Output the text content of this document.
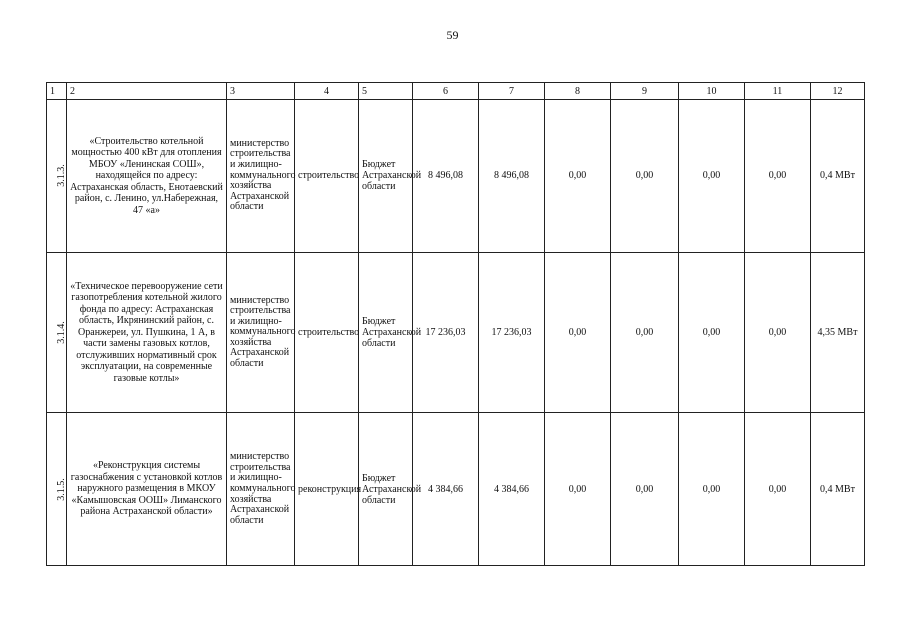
59
1	2	3	4	5	6	7	8	9	10	11	12
3.1.3.	«Строительство котельной мощностью 400 кВт для отопления МБОУ «Ленинская СОШ», находящейся по адресу: Астраханская область, Енотаевский район, с. Ленино, ул.Набережная, 47 «а»	министерство строительства и жилищно-коммунального хозяйства Астраханской области	строительство	Бюджет Астраханской области	8 496,08	8 496,08	0,00	0,00	0,00	0,00	0,4 МВт
3.1.4.	«Техническое перевооружение сети газопотребления котельной жилого фонда по адресу: Астраханская область, Икрянинский район, с. Оранжереи, ул. Пушкина, 1 А, в части замены газовых котлов, отслуживших нормативный срок эксплуатации, на современные газовые котлы»	министерство строительства и жилищно-коммунального хозяйства Астраханской области	строительство	Бюджет Астраханской области	17 236,03	17 236,03	0,00	0,00	0,00	0,00	4,35 МВт
3.1.5.	«Реконструкция системы газоснабжения с установкой котлов наружного размещения в МКОУ «Камышовская ООШ» Лиманского района Астраханской области»	министерство строительства и жилищно-коммунального хозяйства Астраханской области	реконструкция	Бюджет Астраханской области	4 384,66	4 384,66	0,00	0,00	0,00	0,00	0,4 МВт
